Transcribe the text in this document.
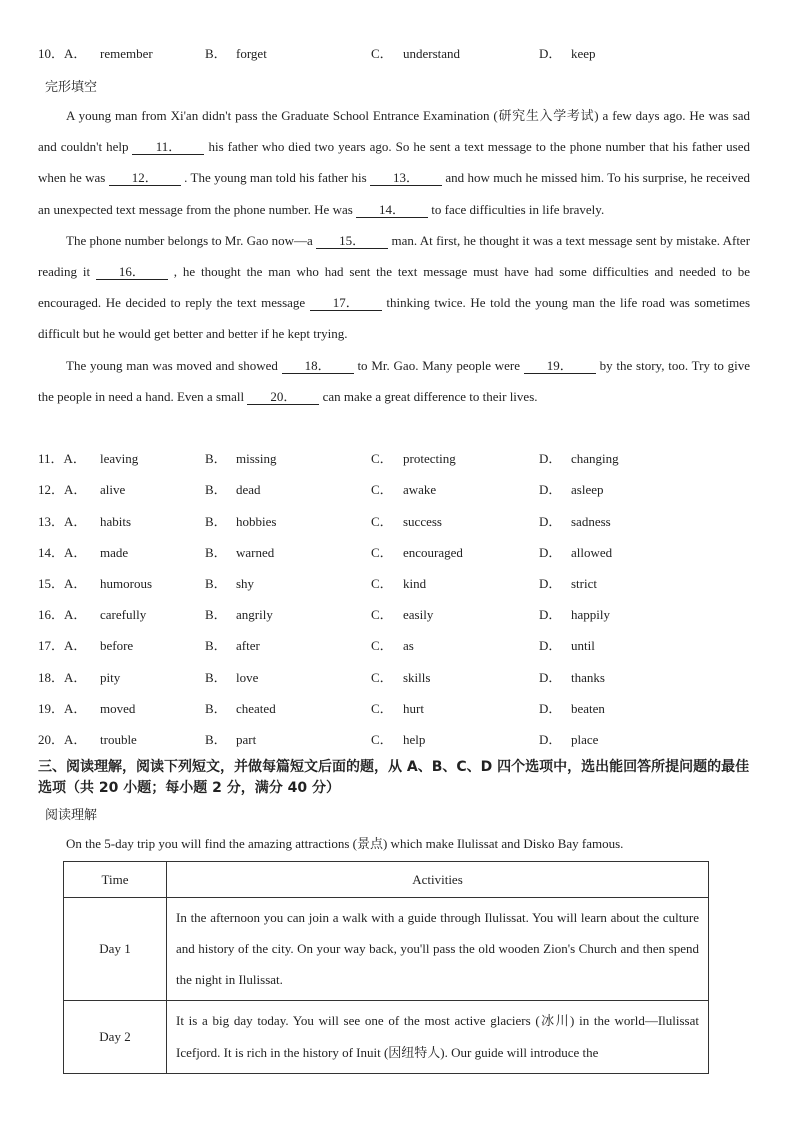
10．A． remember	B． forget	C． understand	D． keep
完形填空

A young man from Xi'an didn't pass the Graduate School Entrance Examination (研究生入学考试) a few days ago. He was sad and couldn't help 11． his father who died two years ago. So he sent a text message to the phone number that his father used when he was 12． . The young man told his father his 13． and how much he missed him. To his surprise, he received an unexpected text message from the phone number. He was 14． to face difficulties in life bravely.

The phone number belongs to Mr. Gao now—a 15． man. At first, he thought it was a text message sent by mistake. After reading it 16． , he thought the man who had sent the text message must have had some difficulties and needed to be encouraged. He decided to reply the text message 17． thinking twice. He told the young man the life road was sometimes difficult but he would get better and better if he kept trying.

The young man was moved and showed 18． to Mr. Gao. Many people were 19． by the story, too. Try to give the people in need a hand. Even a small 20． can make a great difference to their lives.

11．A． leaving	B． missing	C． protecting	D． changing
12．A． alive	B． dead	C． awake	D． asleep
13．A． habits	B． hobbies	C． success	D． sadness
14．A． made	B． warned	C． encouraged	D． allowed
15．A． humorous	B． shy	C． kind	D． strict
16．A． carefully	B． angrily	C． easily	D． happily
17．A． before	B． after	C． as	D． until
18．A． pity	B． love	C． skills	D． thanks
19．A． moved	B． cheated	C． hurt	D． beaten
20．A． trouble	B． part	C． help	D． place
三、阅读理解，阅读下列短文，并做每篇短文后面的题，从 A、B、C、D 四个选项中，选出能回答所提问题的最佳选项（共 20 小题；每小题 2 分，满分 40 分）
阅读理解
On the 5-day trip you will find the amazing attractions (景点) which make Ilulissat and Disko Bay famous.
Time	Activities
Day 1	In the afternoon you can join a walk with a guide through Ilulissat. You will learn about the culture and history of the city. On your way back, you'll pass the old wooden Zion's Church and then spend the night in Ilulissat.
Day 2	It is a big day today. You will see one of the most active glaciers (冰川) in the world—Ilulissat Icefjord. It is rich in the history of Inuit (因纽特人). Our guide will introduce the
